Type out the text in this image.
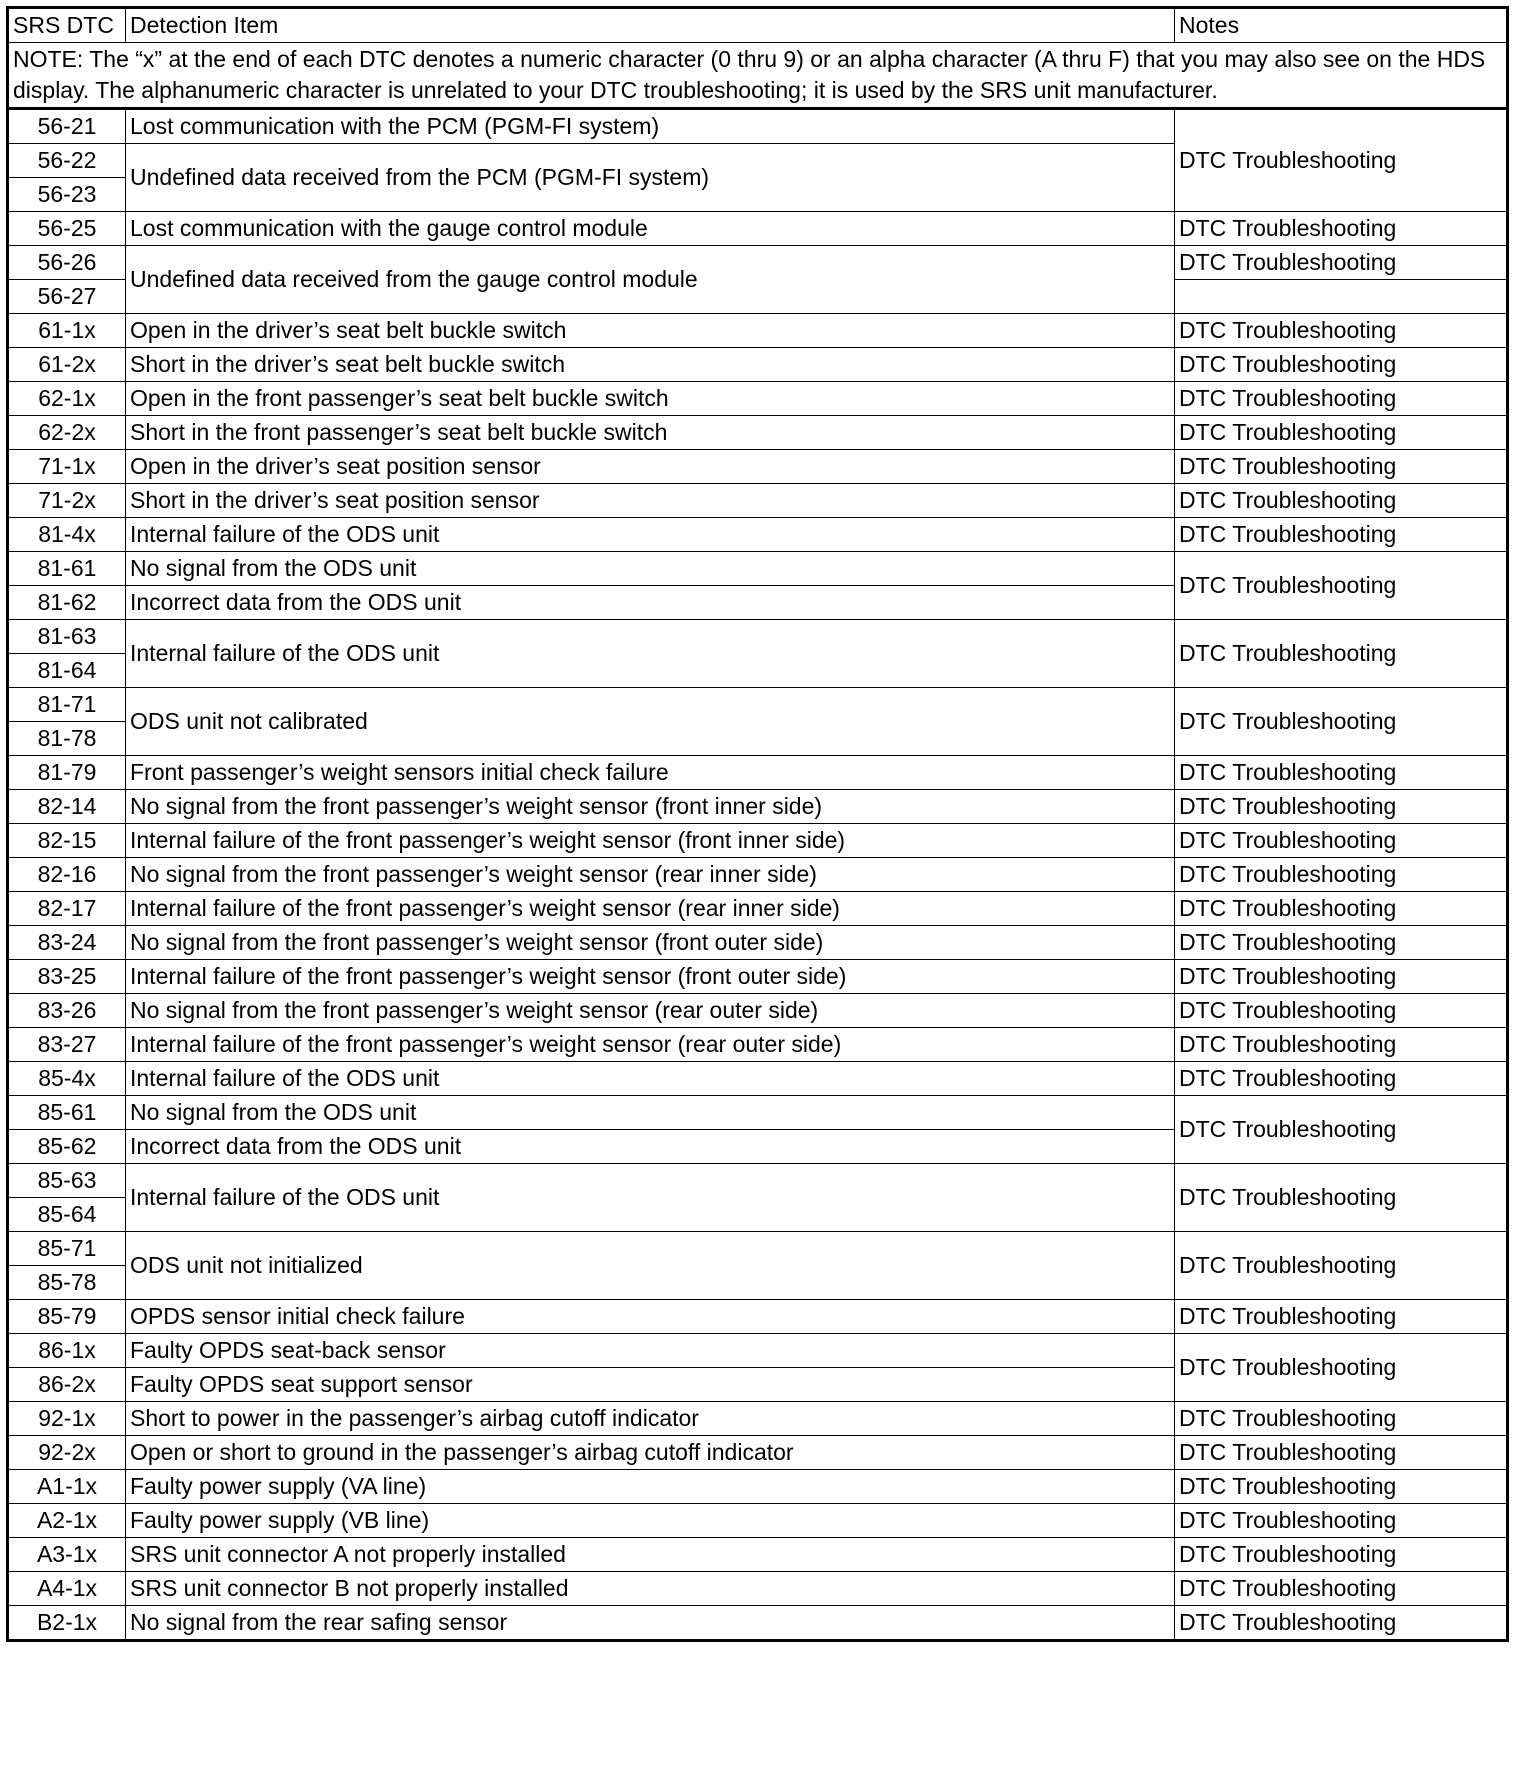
SRS DTC	Detection Item	Notes
NOTE: The “x” at the end of each DTC denotes a numeric character (0 thru 9) or an alpha character (A thru F) that you may also see on the HDS display. The alphanumeric character is unrelated to your DTC troubleshooting; it is used by the SRS unit manufacturer.		
56-21	Lost communication with the PCM (PGM-FI system)	DTC Troubleshooting
56-22	Undefined data received from the PCM (PGM-FI system)	
56-23		
56-25	Lost communication with the gauge control module	DTC Troubleshooting
56-26	Undefined data received from the gauge control module	DTC Troubleshooting
56-27		
61-1x	Open in the driver’s seat belt buckle switch	DTC Troubleshooting
61-2x	Short in the driver’s seat belt buckle switch	DTC Troubleshooting
62-1x	Open in the front passenger’s seat belt buckle switch	DTC Troubleshooting
62-2x	Short in the front passenger’s seat belt buckle switch	DTC Troubleshooting
71-1x	Open in the driver’s seat position sensor	DTC Troubleshooting
71-2x	Short in the driver’s seat position sensor	DTC Troubleshooting
81-4x	Internal failure of the ODS unit	DTC Troubleshooting
81-61	No signal from the ODS unit	DTC Troubleshooting
81-62	Incorrect data from the ODS unit	
81-63	Internal failure of the ODS unit	DTC Troubleshooting
81-64		
81-71	ODS unit not calibrated	DTC Troubleshooting
81-78		
81-79	Front passenger’s weight sensors initial check failure	DTC Troubleshooting
82-14	No signal from the front passenger’s weight sensor (front inner side)	DTC Troubleshooting
82-15	Internal failure of the front passenger’s weight sensor (front inner side)	DTC Troubleshooting
82-16	No signal from the front passenger’s weight sensor (rear inner side)	DTC Troubleshooting
82-17	Internal failure of the front passenger’s weight sensor (rear inner side)	DTC Troubleshooting
83-24	No signal from the front passenger’s weight sensor (front outer side)	DTC Troubleshooting
83-25	Internal failure of the front passenger’s weight sensor (front outer side)	DTC Troubleshooting
83-26	No signal from the front passenger’s weight sensor (rear outer side)	DTC Troubleshooting
83-27	Internal failure of the front passenger’s weight sensor (rear outer side)	DTC Troubleshooting
85-4x	Internal failure of the ODS unit	DTC Troubleshooting
85-61	No signal from the ODS unit	DTC Troubleshooting
85-62	Incorrect data from the ODS unit	
85-63	Internal failure of the ODS unit	DTC Troubleshooting
85-64		
85-71	ODS unit not initialized	DTC Troubleshooting
85-78		
85-79	OPDS sensor initial check failure	DTC Troubleshooting
86-1x	Faulty OPDS seat-back sensor	DTC Troubleshooting
86-2x	Faulty OPDS seat support sensor	
92-1x	Short to power in the passenger’s airbag cutoff indicator	DTC Troubleshooting
92-2x	Open or short to ground in the passenger’s airbag cutoff indicator	DTC Troubleshooting
A1-1x	Faulty power supply (VA line)	DTC Troubleshooting
A2-1x	Faulty power supply (VB line)	DTC Troubleshooting
A3-1x	SRS unit connector A not properly installed	DTC Troubleshooting
A4-1x	SRS unit connector B not properly installed	DTC Troubleshooting
B2-1x	No signal from the rear safing sensor	DTC Troubleshooting
